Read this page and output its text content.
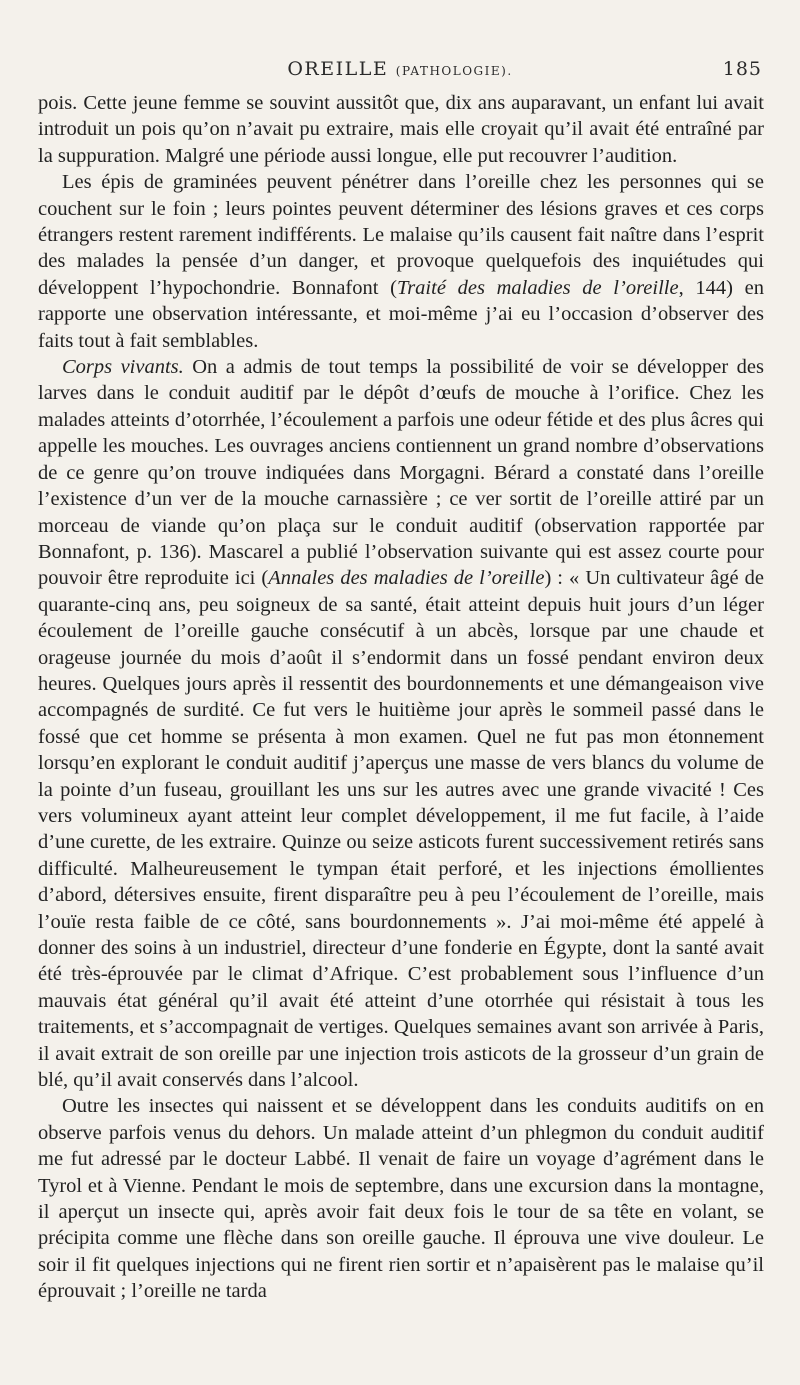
OREILLE (PATHOLOGIE).	185

pois. Cette jeune femme se souvint aussitôt que, dix ans auparavant, un enfant lui avait introduit un pois qu’on n’avait pu extraire, mais elle croyait qu’il avait été entraîné par la suppuration. Malgré une période aussi longue, elle put recouvrer l’audition.

Les épis de graminées peuvent pénétrer dans l’oreille chez les personnes qui se couchent sur le foin ; leurs pointes peuvent déterminer des lésions graves et ces corps étrangers restent rarement indifférents. Le malaise qu’ils causent fait naître dans l’esprit des malades la pensée d’un danger, et provoque quelquefois des inquiétudes qui développent l’hypochondrie. Bonnafont (Traité des maladies de l’oreille, 144) en rapporte une observation intéressante, et moi-même j’ai eu l’occasion d’observer des faits tout à fait semblables.

Corps vivants. On a admis de tout temps la possibilité de voir se développer des larves dans le conduit auditif par le dépôt d’œufs de mouche à l’orifice. Chez les malades atteints d’otorrhée, l’écoulement a parfois une odeur fétide et des plus âcres qui appelle les mouches. Les ouvrages anciens contiennent un grand nombre d’observations de ce genre qu’on trouve indiquées dans Morgagni. Bérard a constaté dans l’oreille l’existence d’un ver de la mouche carnassière ; ce ver sortit de l’oreille attiré par un morceau de viande qu’on plaça sur le conduit auditif (observation rapportée par Bonnafont, p. 136). Mascarel a publié l’observation suivante qui est assez courte pour pouvoir être reproduite ici (Annales des maladies de l’oreille) : « Un cultivateur âgé de quarante-cinq ans, peu soigneux de sa santé, était atteint depuis huit jours d’un léger écoulement de l’oreille gauche consécutif à un abcès, lorsque par une chaude et orageuse journée du mois d’août il s’endormit dans un fossé pendant environ deux heures. Quelques jours après il ressentit des bourdonnements et une démangeaison vive accompagnés de surdité. Ce fut vers le huitième jour après le sommeil passé dans le fossé que cet homme se présenta à mon examen. Quel ne fut pas mon étonnement lorsqu’en explorant le conduit auditif j’aperçus une masse de vers blancs du volume de la pointe d’un fuseau, grouillant les uns sur les autres avec une grande vivacité ! Ces vers volumineux ayant atteint leur complet développement, il me fut facile, à l’aide d’une curette, de les extraire. Quinze ou seize asticots furent successivement retirés sans difficulté. Malheureusement le tympan était perforé, et les injections émollientes d’abord, détersives ensuite, firent disparaître peu à peu l’écoulement de l’oreille, mais l’ouïe resta faible de ce côté, sans bourdonnements ». J’ai moi-même été appelé à donner des soins à un industriel, directeur d’une fonderie en Égypte, dont la santé avait été très-éprouvée par le climat d’Afrique. C’est probablement sous l’influence d’un mauvais état général qu’il avait été atteint d’une otorrhée qui résistait à tous les traitements, et s’accompagnait de vertiges. Quelques semaines avant son arrivée à Paris, il avait extrait de son oreille par une injection trois asticots de la grosseur d’un grain de blé, qu’il avait conservés dans l’alcool.

Outre les insectes qui naissent et se développent dans les conduits auditifs on en observe parfois venus du dehors. Un malade atteint d’un phlegmon du conduit auditif me fut adressé par le docteur Labbé. Il venait de faire un voyage d’agrément dans le Tyrol et à Vienne. Pendant le mois de septembre, dans une excursion dans la montagne, il aperçut un insecte qui, après avoir fait deux fois le tour de sa tête en volant, se précipita comme une flèche dans son oreille gauche. Il éprouva une vive douleur. Le soir il fit quelques injections qui ne firent rien sortir et n’apaisèrent pas le malaise qu’il éprouvait ; l’oreille ne tarda
